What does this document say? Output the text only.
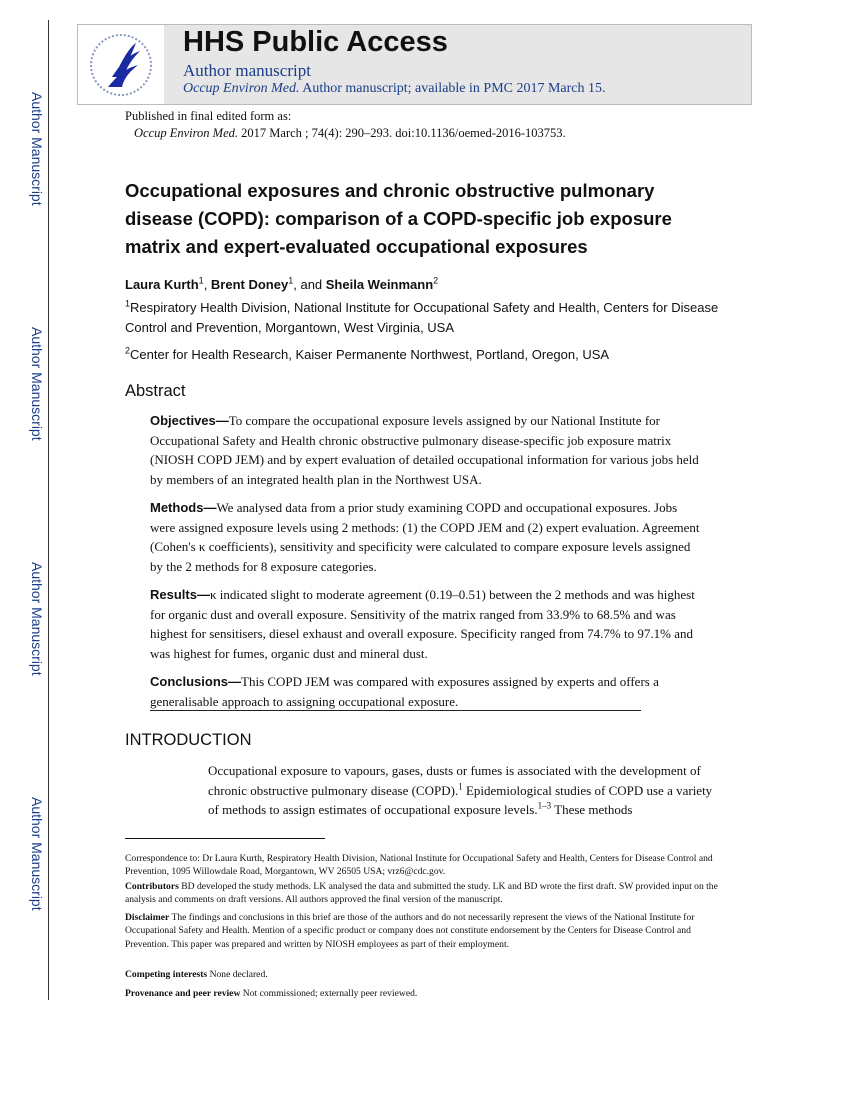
Author Manuscript
Author Manuscript
Author Manuscript
Author Manuscript
HHS Public Access
Author manuscript
Occup Environ Med. Author manuscript; available in PMC 2017 March 15.
Published in final edited form as:
Occup Environ Med. 2017 March ; 74(4): 290–293. doi:10.1136/oemed-2016-103753.
Occupational exposures and chronic obstructive pulmonary disease (COPD): comparison of a COPD-specific job exposure matrix and expert-evaluated occupational exposures
Laura Kurth$^1$, Brent Doney$^1$, and Sheila Weinmann$^2$
$^1$Respiratory Health Division, National Institute for Occupational Safety and Health, Centers for Disease Control and Prevention, Morgantown, West Virginia, USA
$^2$Center for Health Research, Kaiser Permanente Northwest, Portland, Oregon, USA
Abstract
Objectives—To compare the occupational exposure levels assigned by our National Institute for Occupational Safety and Health chronic obstructive pulmonary disease-specific job exposure matrix (NIOSH COPD JEM) and by expert evaluation of detailed occupational information for various jobs held by members of an integrated health plan in the Northwest USA.
Methods—We analysed data from a prior study examining COPD and occupational exposures. Jobs were assigned exposure levels using 2 methods: (1) the COPD JEM and (2) expert evaluation. Agreement (Cohen's κ coefficients), sensitivity and specificity were calculated to compare exposure levels assigned by the 2 methods for 8 exposure categories.
Results—κ indicated slight to moderate agreement (0.19–0.51) between the 2 methods and was highest for organic dust and overall exposure. Sensitivity of the matrix ranged from 33.9% to 68.5% and was highest for sensitisers, diesel exhaust and overall exposure. Specificity ranged from 74.7% to 97.1% and was highest for fumes, organic dust and mineral dust.
Conclusions—This COPD JEM was compared with exposures assigned by experts and offers a generalisable approach to assigning occupational exposure.
INTRODUCTION
Occupational exposure to vapours, gases, dusts or fumes is associated with the development of chronic obstructive pulmonary disease (COPD).$^1$ Epidemiological studies of COPD use a variety of methods to assign estimates of occupational exposure levels.$^{1-3}$ These methods
Correspondence to: Dr Laura Kurth, Respiratory Health Division, National Institute for Occupational Safety and Health, Centers for Disease Control and Prevention, 1095 Willowdale Road, Morgantown, WV 26505 USA; vrz6@cdc.gov.
Contributors BD developed the study methods. LK analysed the data and submitted the study. LK and BD wrote the first draft. SW provided input on the analysis and comments on draft versions. All authors approved the final version of the manuscript.
Disclaimer The findings and conclusions in this brief are those of the authors and do not necessarily represent the views of the National Institute for Occupational Safety and Health. Mention of a specific product or company does not constitute endorsement by the Centers for Disease Control and Prevention. This paper was prepared and written by NIOSH employees as part of their employment.
Competing interests None declared.
Provenance and peer review Not commissioned; externally peer reviewed.
